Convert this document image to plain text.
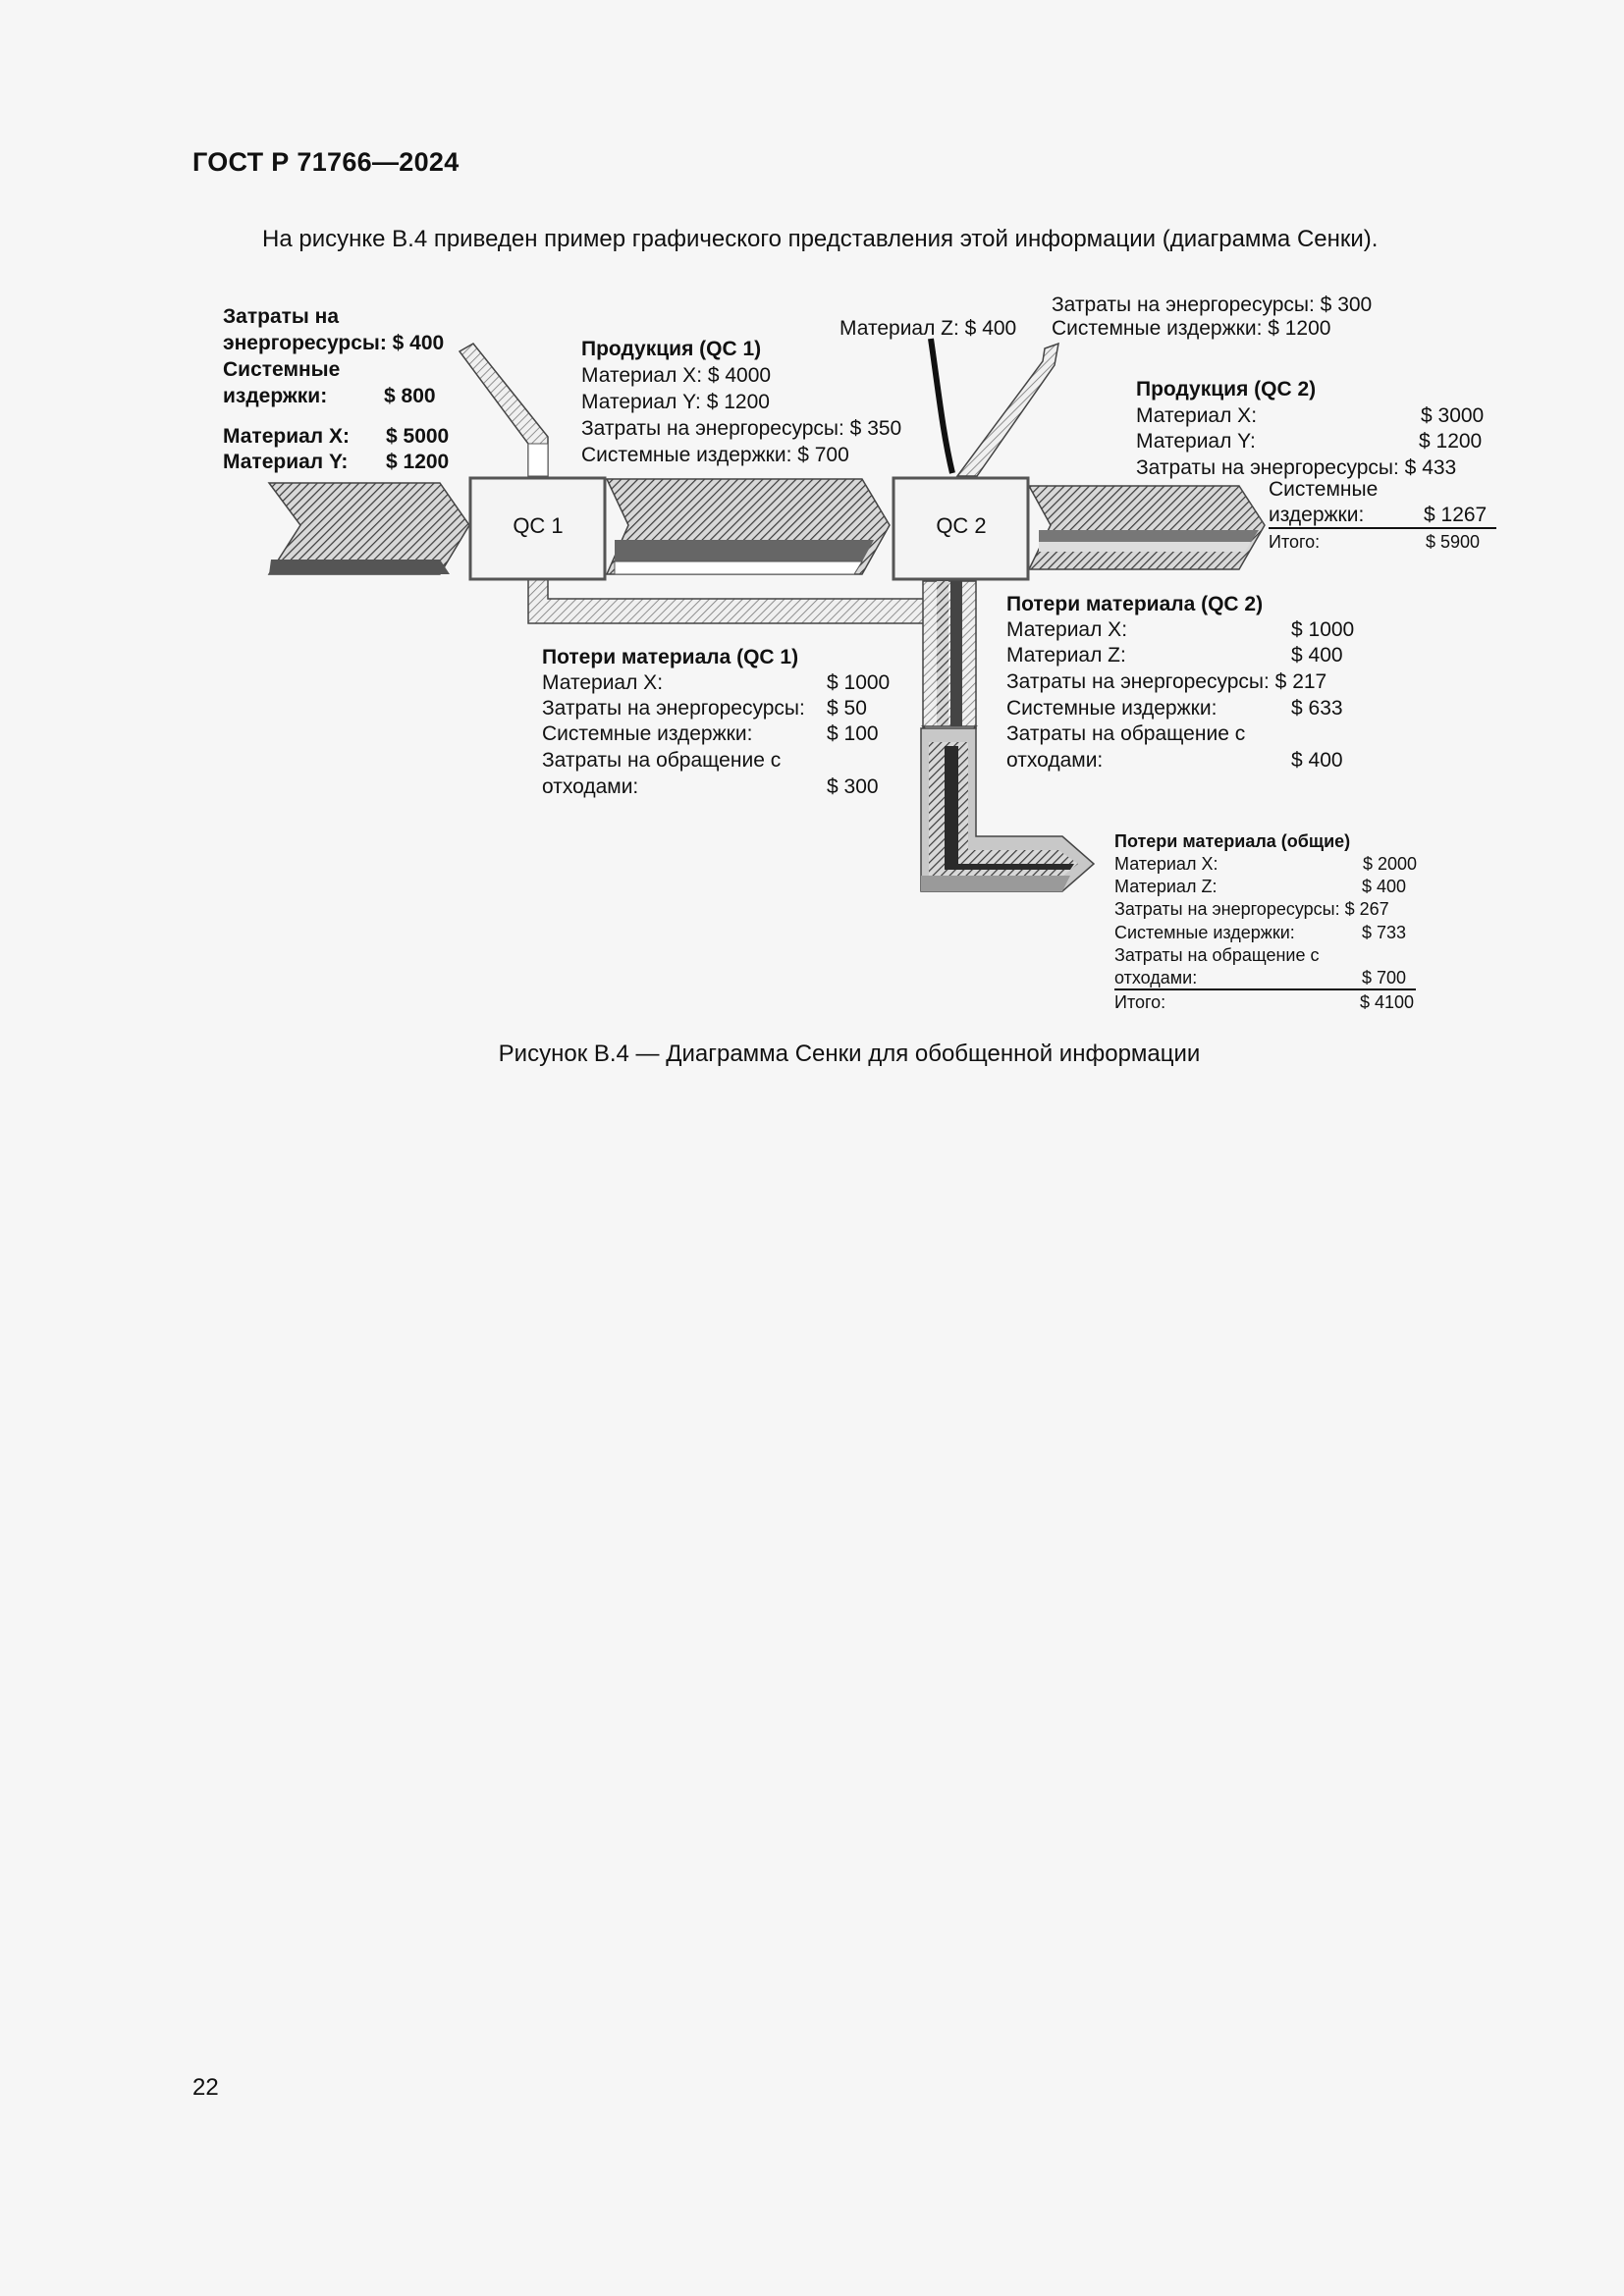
ГОСТ Р 71766—2024
На рисунке В.4 приведен пример графического представления этой информации (диаграмма Сенки).
QC 1	QC 2
Затраты на
энергоресурсы: $ 400
Системные
издержки:	$ 800
Материал X: $ 5000
Материал Y: $ 1200
Продукция (QC 1)
Материал X: $ 4000
Материал Y: $ 1200
Затраты на энергоресурсы: $ 350
Системные издержки: $ 700
Материал Z: $ 400
Затраты на энергоресурсы: $ 300
Системные издержки: $ 1200
Продукция (QC 2)
Материал X:	$ 3000
Материал Y:	$ 1200
Затраты на энергоресурсы: $ 433
Системные
издержки:	$ 1267
Итого:	$ 5900
Потери материала (QC 1)
Материал X:	$ 1000
Затраты на энергоресурсы: $ 50
Системные издержки:	$ 100
Затраты на обращение с
отходами:	$ 300
Потери материала (QC 2)
Материал X:	$ 1000
Материал Z:	$ 400
Затраты на энергоресурсы: $ 217
Системные издержки:	$ 633
Затраты на обращение с
отходами:	$ 400
Потери материала (общие)
Материал X:	$ 2000
Материал Z:	$ 400
Затраты на энергоресурсы: $ 267
Системные издержки:	$ 733
Затраты на обращение с
отходами:	$ 700
Итого:	$ 4100
Рисунок В.4 — Диаграмма Сенки для обобщенной информации
22
